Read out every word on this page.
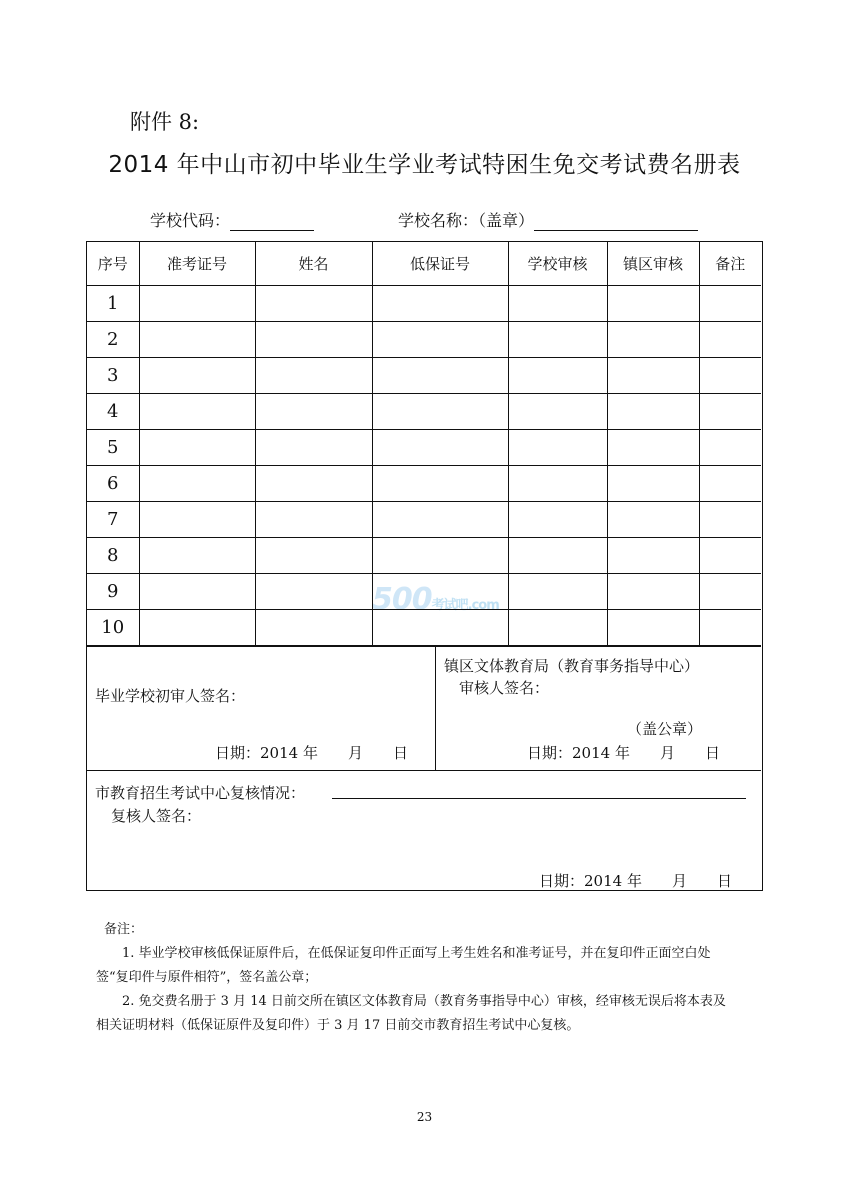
附件 8:
2014 年中山市初中毕业生学业考试特困生免交考试费名册表
学校代码：	学校名称：（盖章）
500考试吧.com
序号	准考证号	姓名	低保证号	学校审核	镇区审核	备注
1						
2						
3						
4						
5						
6						
7						
8						
9						
10						
毕业学校初审人签名：
日期：2014 年　　月　　日
镇区文体教育局（教育事务指导中心）
审核人签名：
（盖公章）
日期：2014 年　　月　　日
市教育招生考试中心复核情况：
复核人签名：
日期：2014 年　　月　　日

备注：

1. 毕业学校审核低保证原件后，在低保证复印件正面写上考生姓名和准考证号，并在复印件正面空白处签“复印件与原件相符”，签名盖公章；

2. 免交费名册于 3 月 14 日前交所在镇区文体教育局（教育务事指导中心）审核，经审核无误后将本表及相关证明材料（低保证原件及复印件）于 3 月 17 日前交市教育招生考试中心复核。

23
